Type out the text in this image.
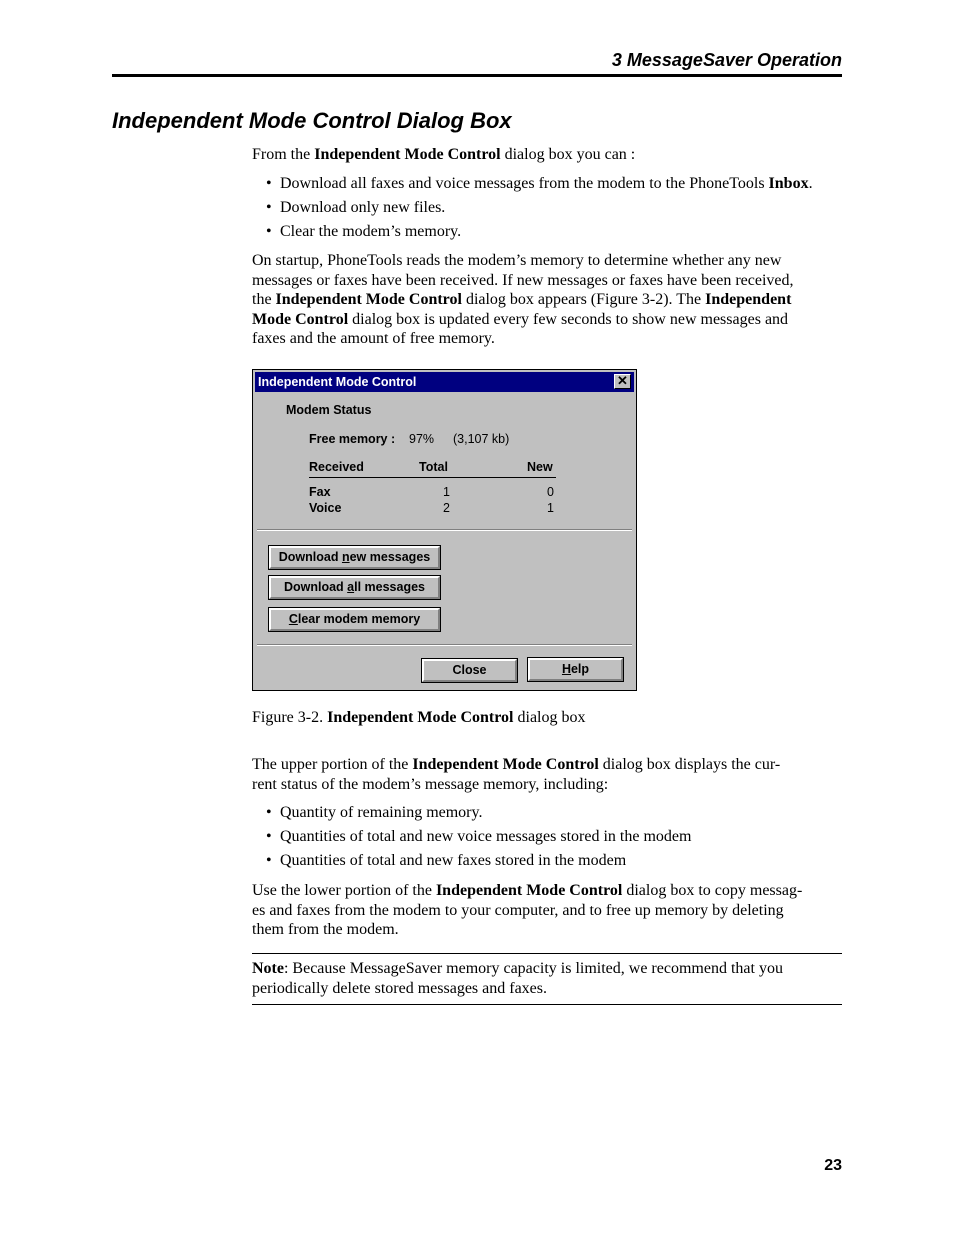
3 MessageSaver Operation
Independent Mode Control Dialog Box
From the Independent Mode Control dialog box you can :
• Download all faxes and voice messages from the modem to the PhoneTools Inbox.
• Download only new files.
• Clear the modem’s memory.
On startup, PhoneTools reads the modem’s memory to determine whether any new
messages or faxes have been received. If new messages or faxes have been received,
the Independent Mode Control dialog box appears (Figure 3-2). The Independent
Mode Control dialog box is updated every few seconds to show new messages and
faxes and the amount of free memory.
Independent Mode Control	✕
Modem Status
Free memory : 97% (3,107 kb)
Received	Total	New
Fax	1	0
Voice	2	1
Download new messages
Download all messages
Clear modem memory
Close	Help
Figure 3-2. Independent Mode Control dialog box
The upper portion of the Independent Mode Control dialog box displays the cur-
rent status of the modem’s message memory, including:
• Quantity of remaining memory.
• Quantities of total and new voice messages stored in the modem
• Quantities of total and new faxes stored in the modem
Use the lower portion of the Independent Mode Control dialog box to copy messag-
es and faxes from the modem to your computer, and to free up memory by deleting
them from the modem.
Note: Because MessageSaver memory capacity is limited, we recommend that you
periodically delete stored messages and faxes.
23
